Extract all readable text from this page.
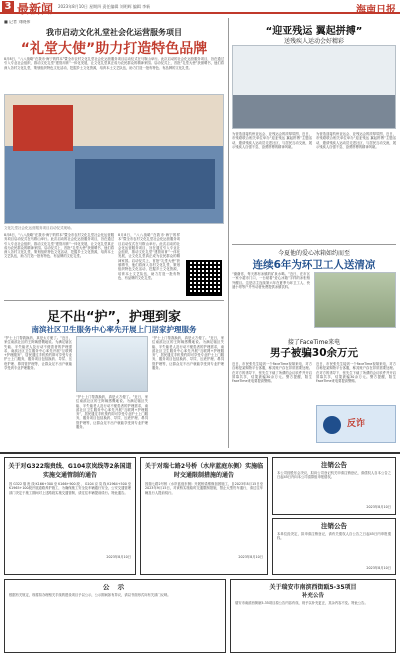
3 最新闻 2023年8月10日 星期四 责任编辑 刘明辉 编辑 李新	海南日报
■ 记者 刘晓伟
我市启动文化礼堂社会化运营服务项目
“礼堂大使”助力打造特色品牌
8月8日，“八八战略”在我市·海宁的样本”暨全市农村文化礼堂社会化运营服务项目启动仪式在马鞍山举行。此次启动的社会化运营服务项目，旨在通过引入专业社会组织，推动文化礼堂“建管用育”一体化发展，让文化礼堂真正成为农民群众的精神家园。启动仪式上，首批“礼堂大使”获颁聘书，他们将深入各村文化礼堂，策划组织特色文化活动，挖掘乡土文化资源，培育本土文艺队伍，助力打造一批有特色、有品牌的文化礼堂。
文化礼堂社会化运营服务项目启动仪式现场。
8月8日，“八八战略”在我市·海宁的样本”暨全市农村文化礼堂社会化运营服务项目启动仪式在马鞍山举行。此次启动的社会化运营服务项目，旨在通过引入专业社会组织，推动文化礼堂“建管用育”一体化发展，让文化礼堂真正成为农民群众的精神家园。启动仪式上，首批“礼堂大使”获颁聘书，他们将深入各村文化礼堂，策划组织特色文化活动，挖掘乡土文化资源，培育本土文艺队伍，助力打造一批有特色、有品牌的文化礼堂。
8月8日，“八八战略”在我市·海宁的样本”暨全市农村文化礼堂社会化运营服务项目启动仪式在马鞍山举行。此次启动的社会化运营服务项目，旨在通过引入专业社会组织，推动文化礼堂“建管用育”一体化发展，让文化礼堂真正成为农民群众的精神家园。启动仪式上，首批“礼堂大使”获颁聘书，他们将深入各村文化礼堂，策划组织特色文化活动，挖掘乡土文化资源，培育本土文艺队伍，助力打造一批有特色、有品牌的文化礼堂。
“迎亚残运 翼起拼搏”
送残疾人运动会好精彩
为营造迎接杭州亚运会、亚残运会的浓厚氛围，近日，市残联联合相关单位举办“迎亚残运 翼起拼搏”主题活动，邀请残疾人运动员走进社区，与居民互动交流，展示残疾人自强不息、奋勇拼搏的精神风貌。
为营造迎接杭州亚运会、亚残运会的浓厚氛围，近日，市残联联合相关单位举办“迎亚残运 翼起拼搏”主题活动，邀请残疾人运动员走进社区，与居民互动交流，展示残疾人自强不息、奋勇拼搏的精神风貌。
今夏他的爱心冰箱如约而至
连续6年为环卫工人送清凉
“谢谢你，每天都有冰镇的矿泉水喝。”近日，在市区一家小超市门口，一台贴着“爱心冰箱”字样的冰柜格外醒目。这是店主连续第六年在夏季为环卫工人、快递小哥等户外劳动者免费提供冰镇饮料。
接了FaceTime来电
男子被骗30余万元
近日，市民张先生接到一个FaceTime视频来电，对方自称是某购物平台客服，称其账户存在异常需要处理。在对方的诱导下，张先生下载了所谓的会议软件并开启屏幕共享，结果被骗30余万元。警方提醒，陌生FaceTime来电要提高警惕。
近日，市民张先生接到一个FaceTime视频来电，对方自称是某购物平台客服，称其账户存在异常需要处理。在对方的诱导下，张先生下载了所谓的会议软件并开启屏幕共享，结果被骗30余万元。警方提醒，陌生FaceTime来电要提高警惕。
反诈
足不出“护”，护理到家
南滨社区卫生服务中心率先开展上门居家护理服务
“护士上门帮我换药，真是太方便了。”近日，家住南滨社区的王阿姨感慨地说。为满足辖区失能、半失能老人及行动不便患者的护理需求，南滨社区卫生服务中心率先开展“互联网+护理服务”，居民通过手机预约即可享受专业护士上门服务，服务项目包括换药、导尿、压疮护理、鼻饲管护理等，让群众足不出户就能享受到专业护理服务。
“护士上门帮我换药，真是太方便了。”近日，家住南滨社区的王阿姨感慨地说。为满足辖区失能、半失能老人及行动不便患者的护理需求，南滨社区卫生服务中心率先开展“互联网+护理服务”，居民通过手机预约即可享受专业护士上门服务，服务项目包括换药、导尿、压疮护理、鼻饲管护理等，让群众足不出户就能享受到专业护理服务。
“护士上门帮我换药，真是太方便了。”近日，家住南滨社区的王阿姨感慨地说。为满足辖区失能、半失能老人及行动不便患者的护理需求，南滨社区卫生服务中心率先开展“互联网+护理服务”，居民通过手机预约即可享受专业护士上门服务，服务项目包括换药、导尿、压疮护理、鼻饲管护理等，让群众足不出户就能享受到专业护理服务。
关于对G322瑞贵线、G104京岚线等2条国道实施交通管制的通告
因G322瑞贵线K166+300至K166+900段、G104京岚线K1964+500至K1965+100段开展道路养护施工，为确保施工安全及车辆通行安全，公安交通管理部门决定于施工期间对上述路段实施交通管制，请过往车辆提前绕行。特此通告。
2023年8月10日
关于对瑞七路2号桥（水岸蓝庭东侧）实施临时交通限制措施的通告
因瑞七路2号桥（水岸蓝庭东侧）开展桥梁维修加固施工，自2023年8月15日至2023年9月15日，对该桥实施临时交通限制措施，禁止大型货车通行，请过往车辆及行人提前绕行。
2023年8月10日
注销公告
本公司经股东会决议，拟向公司登记机关申请注销登记，请债权人自本公告之日起45日内向本公司清算组申报债权。
2023年8月10日
注销公告
本单位经决定，拟申请注销登记，请有关债权人自公告之日起45日内申报债权。
2023年8月10日
公 示
根据有关规定，现将拟办理相关手续的建设项目予以公示，公示期间如有异议，请以书面形式向有关部门反映。
关于瑞安市南滨西街瓯5-35项目
补充公告
瑞安市南滨西街瓯5-35项目原公告内容有误，现予以补充更正，其余内容不变。特此公告。
